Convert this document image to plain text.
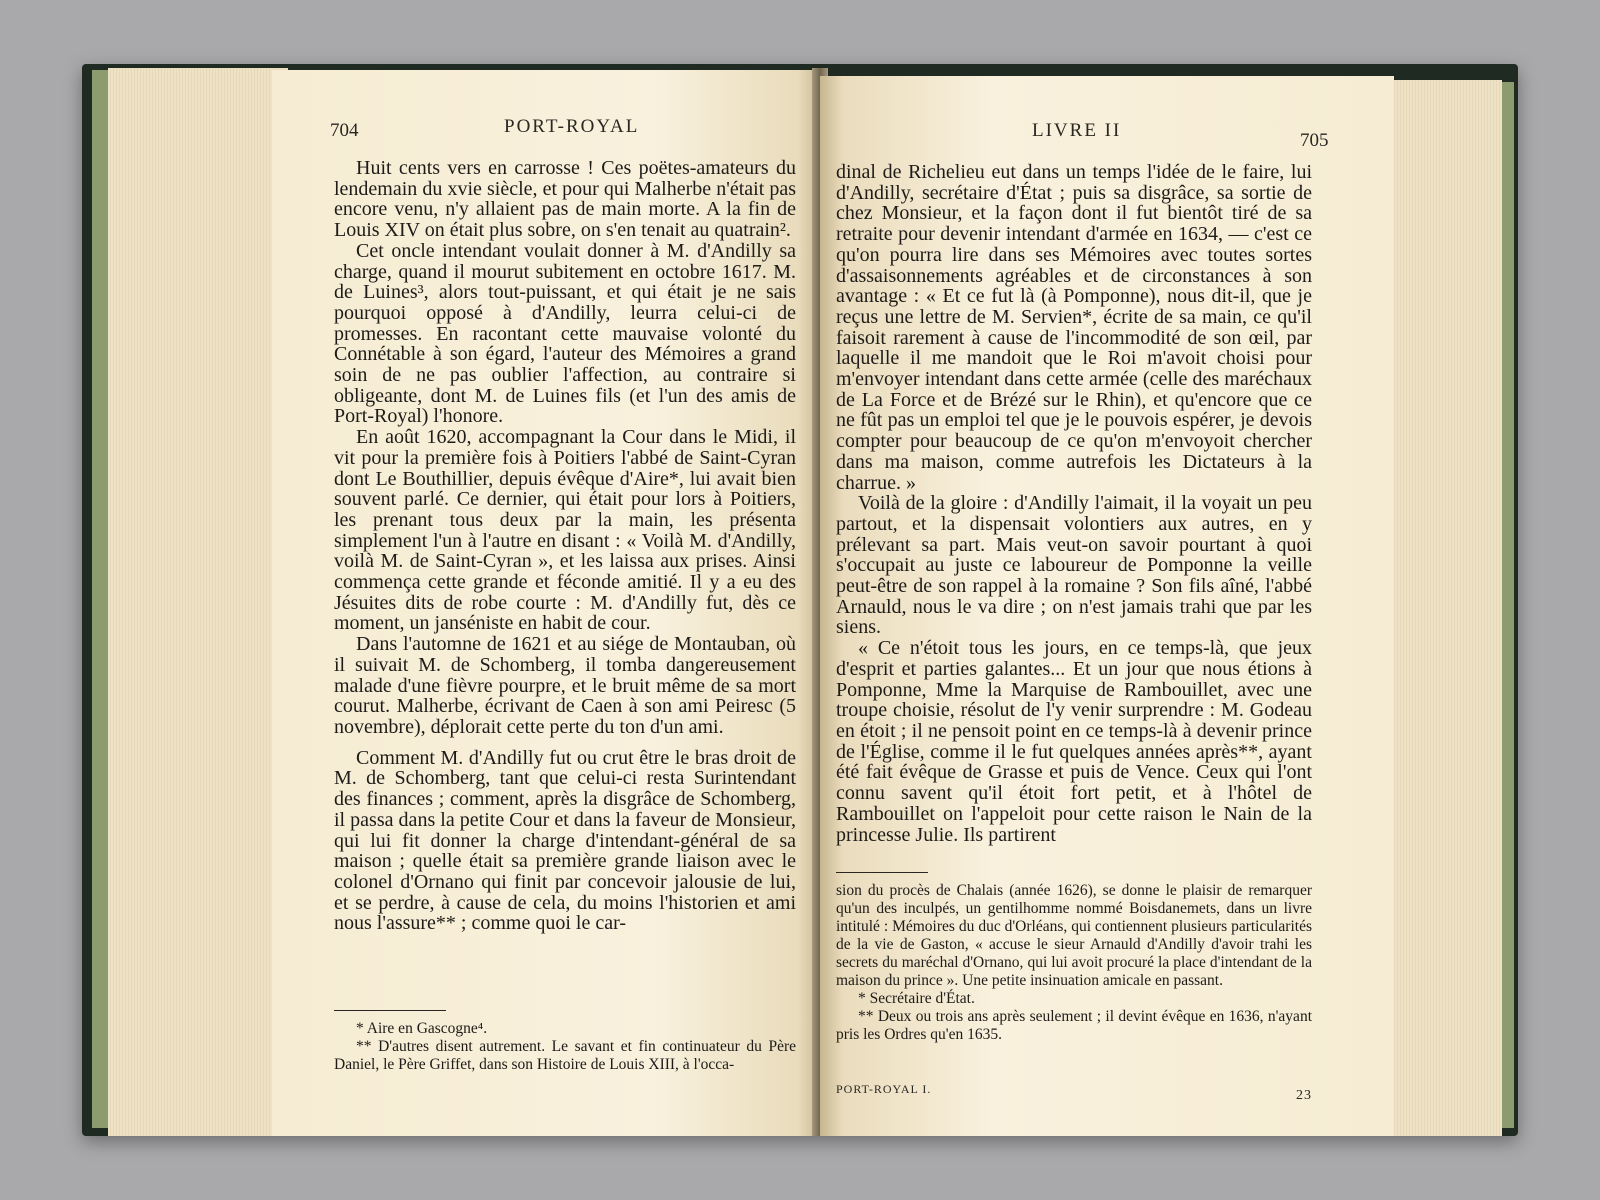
704	PORT-ROYAL

Huit cents vers en carrosse ! Ces poëtes-amateurs du lendemain du xvie siècle, et pour qui Malherbe n'était pas encore venu, n'y allaient pas de main morte. A la fin de Louis XIV on était plus sobre, on s'en tenait au quatrain².

Cet oncle intendant voulait donner à M. d'Andilly sa charge, quand il mourut subitement en octobre 1617. M. de Luines³, alors tout-puissant, et qui était je ne sais pourquoi opposé à d'Andilly, leurra celui-ci de promesses. En racontant cette mauvaise volonté du Connétable à son égard, l'auteur des Mémoires a grand soin de ne pas oublier l'affection, au contraire si obligeante, dont M. de Luines fils (et l'un des amis de Port-Royal) l'honore.

En août 1620, accompagnant la Cour dans le Midi, il vit pour la première fois à Poitiers l'abbé de Saint-Cyran dont Le Bouthillier, depuis évêque d'Aire*, lui avait bien souvent parlé. Ce dernier, qui était pour lors à Poitiers, les prenant tous deux par la main, les présenta simplement l'un à l'autre en disant : « Voilà M. d'Andilly, voilà M. de Saint-Cyran », et les laissa aux prises. Ainsi commença cette grande et féconde amitié. Il y a eu des Jésuites dits de robe courte : M. d'Andilly fut, dès ce moment, un janséniste en habit de cour.

Dans l'automne de 1621 et au siége de Montauban, où il suivait M. de Schomberg, il tomba dangereusement malade d'une fièvre pourpre, et le bruit même de sa mort courut. Malherbe, écrivant de Caen à son ami Peiresc (5 novembre), déplorait cette perte du ton d'un ami.

Comment M. d'Andilly fut ou crut être le bras droit de M. de Schomberg, tant que celui-ci resta Surintendant des finances ; comment, après la disgrâce de Schomberg, il passa dans la petite Cour et dans la faveur de Monsieur, qui lui fit donner la charge d'intendant-général de sa maison ; quelle était sa première grande liaison avec le colonel d'Ornano qui finit par concevoir jalousie de lui, et se perdre, à cause de cela, du moins l'historien et ami nous l'assure** ; comme quoi le car-

* Aire en Gascogne⁴.

** D'autres disent autrement. Le savant et fin continuateur du Père Daniel, le Père Griffet, dans son Histoire de Louis XIII, à l'occa-

LIVRE II	705

dinal de Richelieu eut dans un temps l'idée de le faire, lui d'Andilly, secrétaire d'État ; puis sa disgrâce, sa sortie de chez Monsieur, et la façon dont il fut bientôt tiré de sa retraite pour devenir intendant d'armée en 1634, — c'est ce qu'on pourra lire dans ses Mémoires avec toutes sortes d'assaisonnements agréables et de circonstances à son avantage : « Et ce fut là (à Pomponne), nous dit-il, que je reçus une lettre de M. Servien*, écrite de sa main, ce qu'il faisoit rarement à cause de l'incommodité de son œil, par laquelle il me mandoit que le Roi m'avoit choisi pour m'envoyer intendant dans cette armée (celle des maréchaux de La Force et de Brézé sur le Rhin), et qu'encore que ce ne fût pas un emploi tel que je le pouvois espérer, je devois compter pour beaucoup de ce qu'on m'envoyoit chercher dans ma maison, comme autrefois les Dictateurs à la charrue. »

Voilà de la gloire : d'Andilly l'aimait, il la voyait un peu partout, et la dispensait volontiers aux autres, en y prélevant sa part. Mais veut-on savoir pourtant à quoi s'occupait au juste ce laboureur de Pomponne la veille peut-être de son rappel à la romaine ? Son fils aîné, l'abbé Arnauld, nous le va dire ; on n'est jamais trahi que par les siens.

« Ce n'étoit tous les jours, en ce temps-là, que jeux d'esprit et parties galantes... Et un jour que nous étions à Pomponne, Mme la Marquise de Rambouillet, avec une troupe choisie, résolut de l'y venir surprendre : M. Godeau en étoit ; il ne pensoit point en ce temps-là à devenir prince de l'Église, comme il le fut quelques années après**, ayant été fait évêque de Grasse et puis de Vence. Ceux qui l'ont connu savent qu'il étoit fort petit, et à l'hôtel de Rambouillet on l'appeloit pour cette raison le Nain de la princesse Julie. Ils partirent

sion du procès de Chalais (année 1626), se donne le plaisir de remarquer qu'un des inculpés, un gentilhomme nommé Boisdanemets, dans un livre intitulé : Mémoires du duc d'Orléans, qui contiennent plusieurs particularités de la vie de Gaston, « accuse le sieur Arnauld d'Andilly d'avoir trahi les secrets du maréchal d'Ornano, qui lui avoit procuré la place d'intendant de la maison du prince ». Une petite insinuation amicale en passant.

* Secrétaire d'État.

** Deux ou trois ans après seulement ; il devint évêque en 1636, n'ayant pris les Ordres qu'en 1635.

PORT-ROYAL I.	23
